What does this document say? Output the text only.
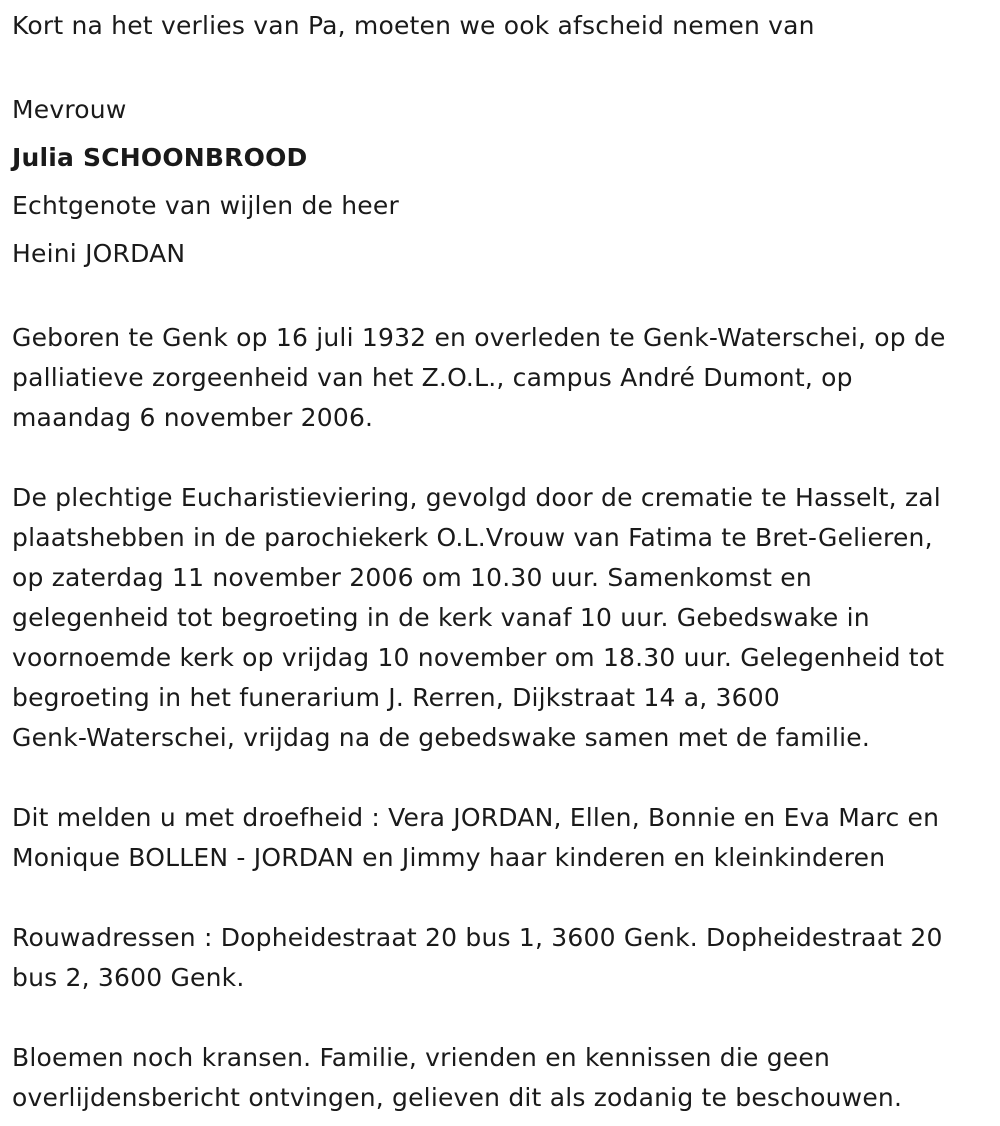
Kort na het verlies van Pa, moeten we ook afscheid nemen van

Mevrouw

Julia SCHOONBROOD

Echtgenote van wijlen de heer

Heini JORDAN

Geboren te Genk op 16 juli 1932 en overleden te Genk-Waterschei, op de

palliatieve zorgeenheid van het Z.O.L., campus André Dumont, op

maandag 6 november 2006.

De plechtige Eucharistieviering, gevolgd door de crematie te Hasselt, zal

plaatshebben in de parochiekerk O.L.Vrouw van Fatima te Bret-Gelieren,

op zaterdag 11 november 2006 om 10.30 uur. Samenkomst en

gelegenheid tot begroeting in de kerk vanaf 10 uur. Gebedswake in

voornoemde kerk op vrijdag 10 november om 18.30 uur. Gelegenheid tot

begroeting in het funerarium J. Rerren, Dijkstraat 14 a, 3600

Genk-Waterschei, vrijdag na de gebedswake samen met de familie.

Dit melden u met droefheid : Vera JORDAN, Ellen, Bonnie en Eva Marc en

Monique BOLLEN - JORDAN en Jimmy haar kinderen en kleinkinderen

Rouwadressen : Dopheidestraat 20 bus 1, 3600 Genk. Dopheidestraat 20

bus 2, 3600 Genk.

Bloemen noch kransen. Familie, vrienden en kennissen die geen

overlijdensbericht ontvingen, gelieven dit als zodanig te beschouwen.
